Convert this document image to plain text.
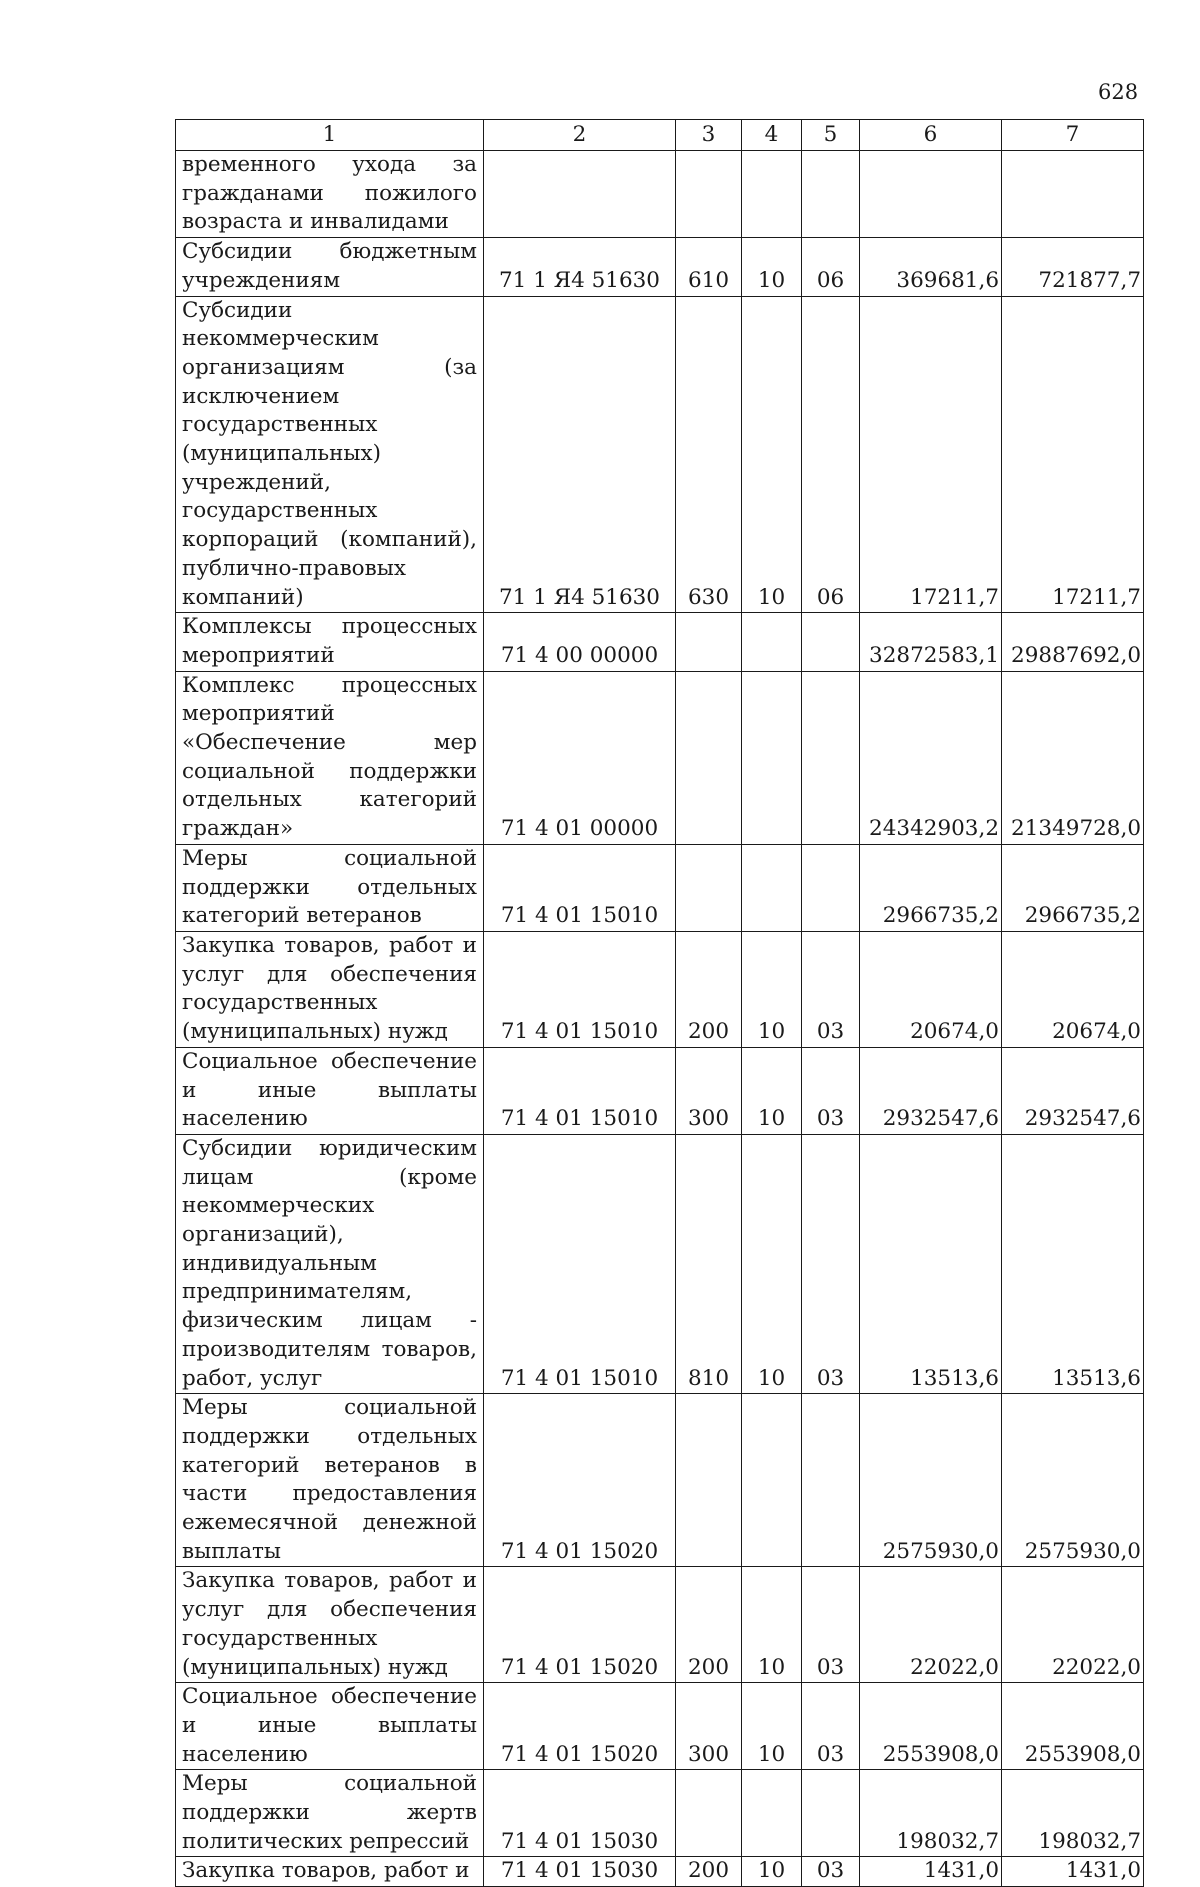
628
1	2	3	4	5	6	7
временного ухода за гражданами пожилого возраста и инвалидами						
Субсидии бюджетным учреждениям	71 1 Я4 51630	610	10	06	369681,6	721877,7
Субсидии некоммерческим организациям (за исключением государственных (муниципальных) учреждений, государственных корпораций (компаний), публично-правовых компаний)	71 1 Я4 51630	630	10	06	17211,7	17211,7
Комплексы процессных мероприятий	71 4 00 00000				32872583,1	29887692,0
Комплекс процессных мероприятий «Обеспечение мер социальной поддержки отдельных категорий граждан»	71 4 01 00000				24342903,2	21349728,0
Меры социальной поддержки отдельных категорий ветеранов	71 4 01 15010				2966735,2	2966735,2
Закупка товаров, работ и услуг для обеспечения государственных (муниципальных) нужд	71 4 01 15010	200	10	03	20674,0	20674,0
Социальное обеспечение и иные выплаты населению	71 4 01 15010	300	10	03	2932547,6	2932547,6
Субсидии юридическим лицам (кроме некоммерческих организаций), индивидуальным предпринимателям, физическим лицам - производителям товаров, работ, услуг	71 4 01 15010	810	10	03	13513,6	13513,6
Меры социальной поддержки отдельных категорий ветеранов в части предоставления ежемесячной денежной выплаты	71 4 01 15020				2575930,0	2575930,0
Закупка товаров, работ и услуг для обеспечения государственных (муниципальных) нужд	71 4 01 15020	200	10	03	22022,0	22022,0
Социальное обеспечение и иные выплаты населению	71 4 01 15020	300	10	03	2553908,0	2553908,0
Меры социальной поддержки жертв политических репрессий	71 4 01 15030				198032,7	198032,7
Закупка товаров, работ и	71 4 01 15030	200	10	03	1431,0	1431,0
